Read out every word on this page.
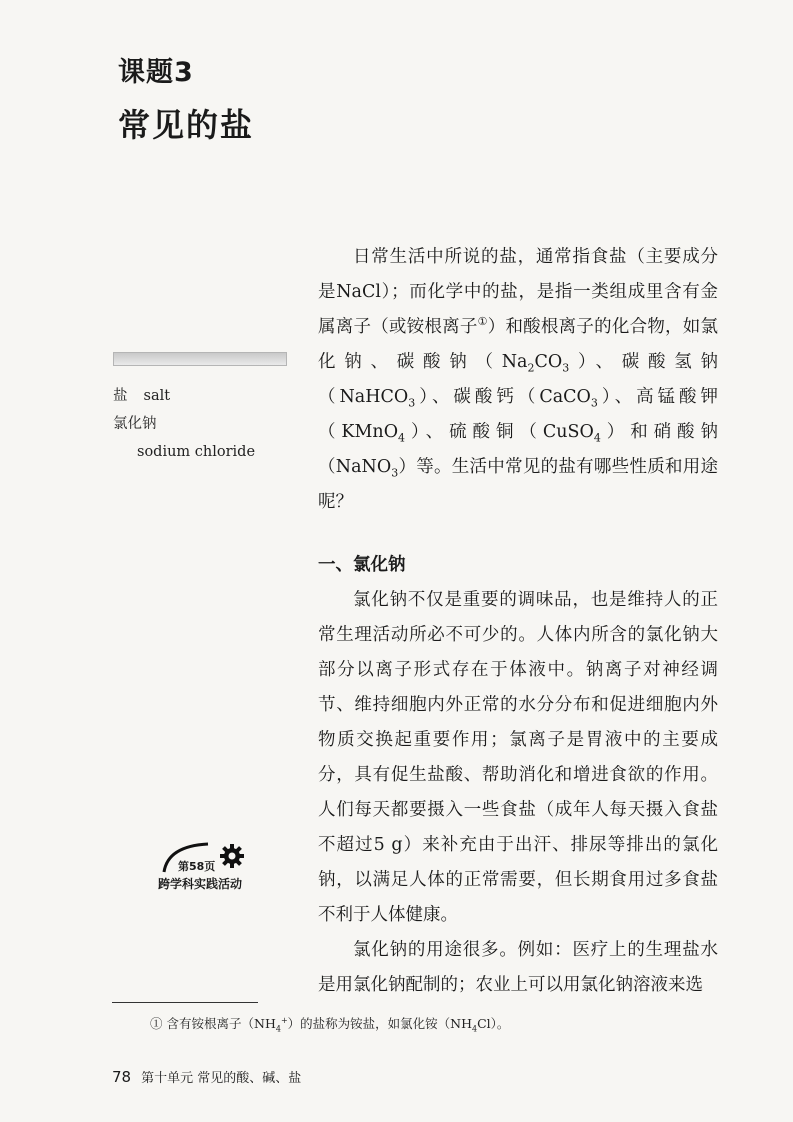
课题3
常见的盐

日常生活中所说的盐，通常指食盐（主要成分是NaCl）；而化学中的盐，是指一类组成里含有金属离子（或铵根离子①）和酸根离子的化合物，如氯化钠、碳酸钠$(Na_2CO_3)$、碳酸氢钠（NaHCO$_3$）、碳酸钙（CaCO$_3$）、高锰酸钾（KMnO$_4$）、硫酸铜（CuSO$_4$）和硝酸钠（NaNO$_3$）等。生活中常见的盐有哪些性质和用途呢？

一、氯化钠

氯化钠不仅是重要的调味品，也是维持人的正常生理活动所必不可少的。人体内所含的氯化钠大部分以离子形式存在于体液中。钠离子对神经调节、维持细胞内外正常的水分分布和促进细胞内外物质交换起重要作用；氯离子是胃液中的主要成分，具有促生盐酸、帮助消化和增进食欲的作用。人们每天都要摄入一些食盐（成年人每天摄入食盐不超过5 g）来补充由于出汗、排尿等排出的氯化钠，以满足人体的正常需要，但长期食用过多食盐不利于人体健康。

氯化钠的用途很多。例如：医疗上的生理盐水是用氯化钠配制的；农业上可以用氯化钠溶液来选

盐 salt
氯化钠
sodium chloride
第58页
跨学科实践活动
① 含有铵根离子$(NH_4^+)$的盐称为铵盐，如氯化铵$(NH_4Cl)$。
78 第十单元 常见的酸、碱、盐
